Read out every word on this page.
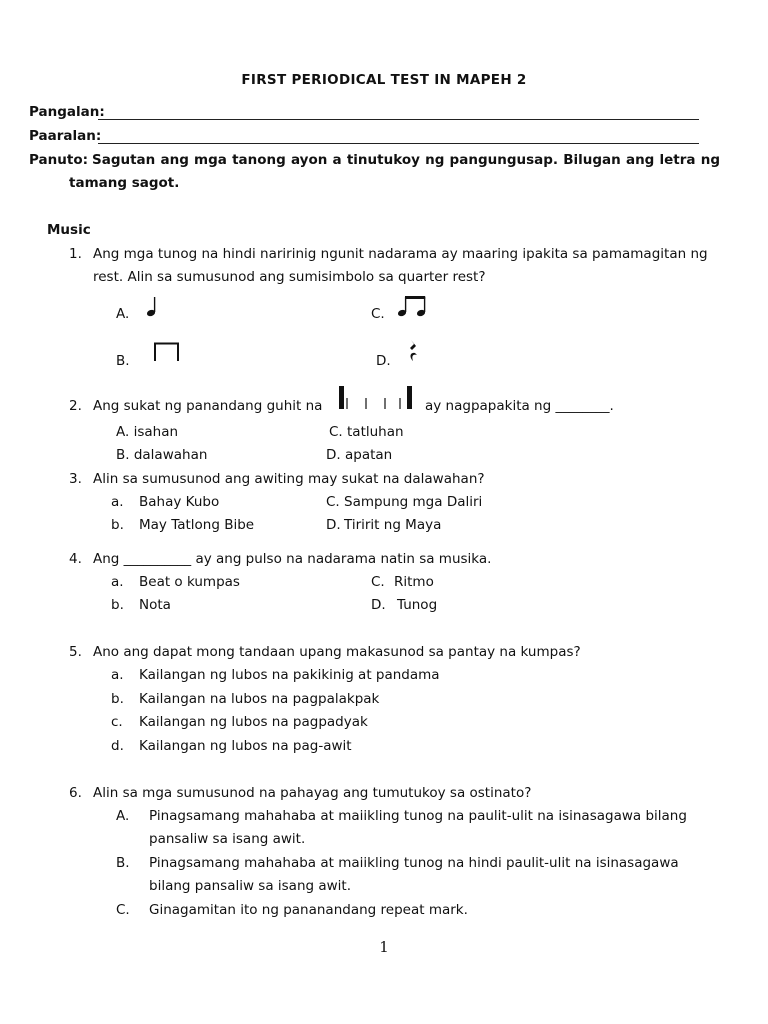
FIRST PERIODICAL TEST IN MAPEH 2
Pangalan:
Paaralan:
Panuto: Sagutan ang mga tanong ayon a tinutukoy ng pangungusap. Bilugan ang letra ng
tamang sagot.
Music
1. Ang mga tunog na hindi naririnig ngunit nadarama ay maaring ipakita sa pamamagitan ng
rest. Alin sa sumusunod ang sumisimbolo sa quarter rest?
A.	C.
B.	D.
2. Ang sukat ng panandang guhit na	ay nagpapakita ng ________.
A. isahan	C. tatluhan
B. dalawahan	D. apatan
3. Alin sa sumusunod ang awiting may sukat na dalawahan?
a. Bahay Kubo	C. Sampung mga Daliri
b. May Tatlong Bibe	D. Tiririt ng Maya
4. Ang __________ ay ang pulso na nadarama natin sa musika.
a. Beat o kumpas	C. Ritmo
b. Nota	D. Tunog
5. Ano ang dapat mong tandaan upang makasunod sa pantay na kumpas?
a. Kailangan ng lubos na pakikinig at pandama
b. Kailangan na lubos na pagpalakpak
c. Kailangan ng lubos na pagpadyak
d. Kailangan ng lubos na pag-awit
6. Alin sa mga sumusunod na pahayag ang tumutukoy sa ostinato?
A. Pinagsamang mahahaba at maiikling tunog na paulit-ulit na isinasagawa bilang
pansaliw sa isang awit.
B. Pinagsamang mahahaba at maiikling tunog na hindi paulit-ulit na isinasagawa
bilang pansaliw sa isang awit.
C. Ginagamitan ito ng pananandang repeat mark.
1
